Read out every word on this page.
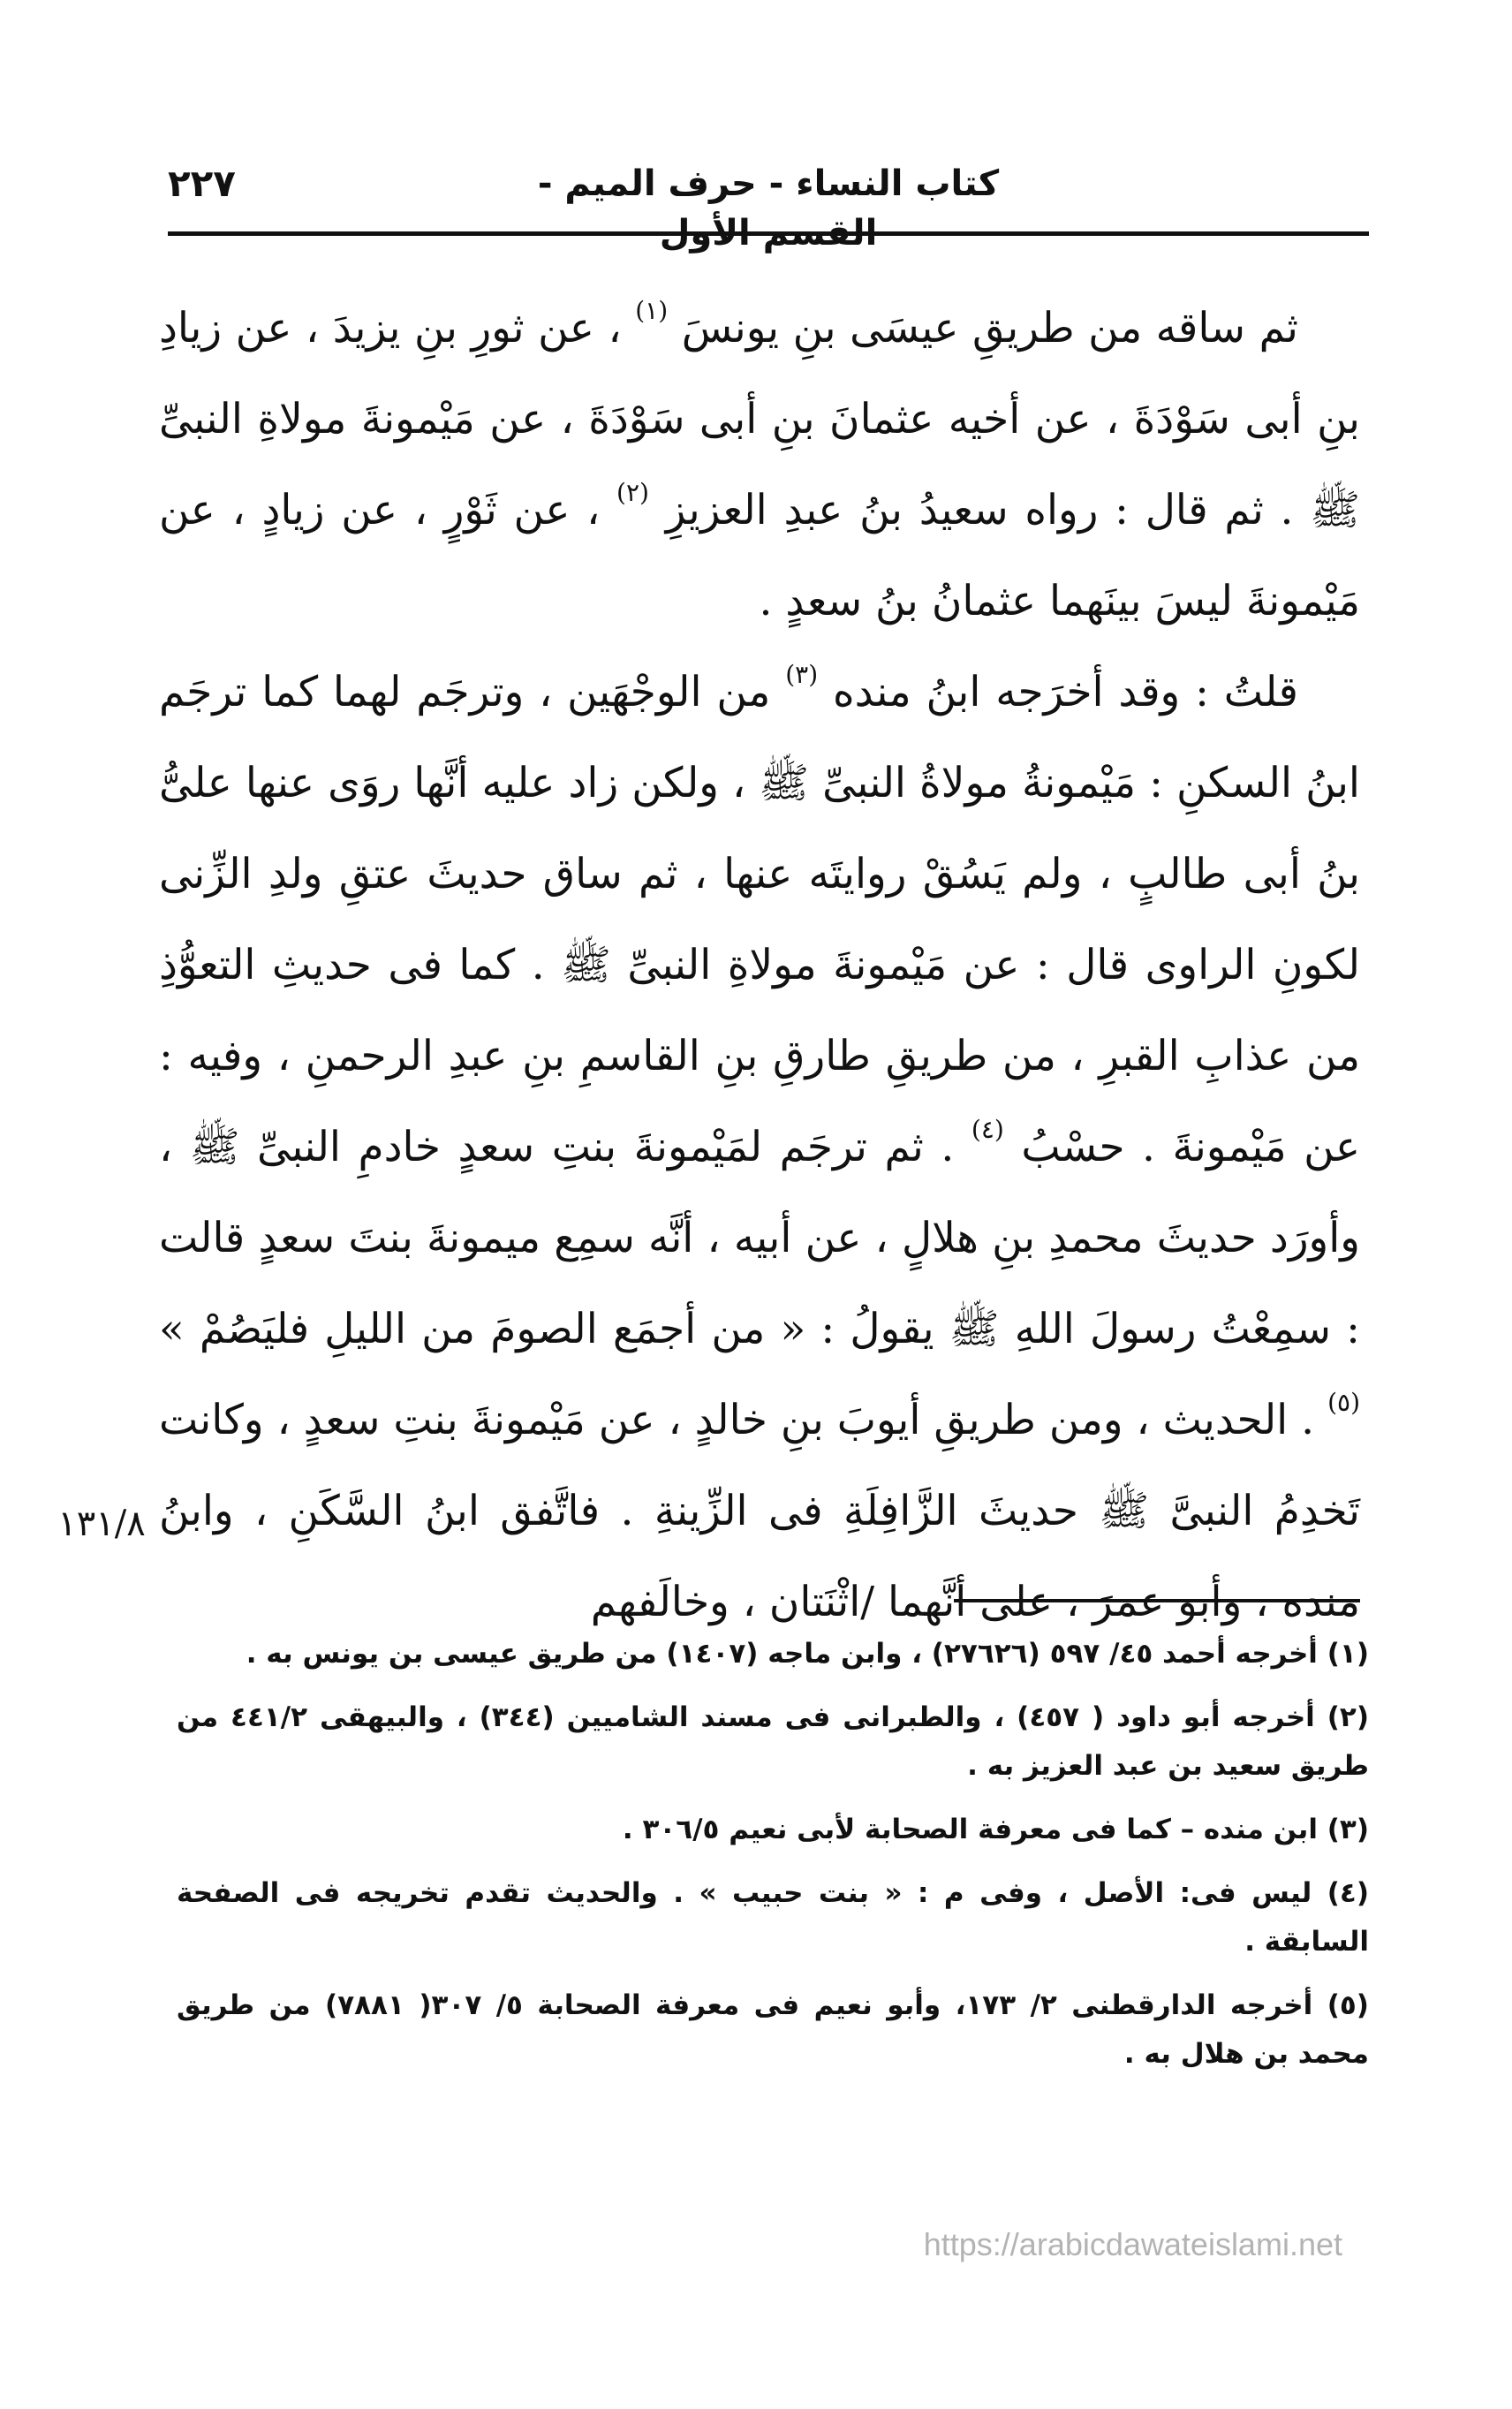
كتاب النساء - حرف الميم - القسم الأول
٢٢٧

ثم ساقه من طريقِ عيسَى بنِ يونسَ $^{(١)}$ ، عن ثورِ بنِ يزيدَ ، عن زيادِ بنِ أبى سَوْدَةَ ، عن أخيه عثمانَ بنِ أبى سَوْدَةَ ، عن مَيْمونةَ مولاةِ النبىِّ ﷺ . ثم قال : رواه سعيدُ بنُ عبدِ العزيزِ $^{(٢)}$ ، عن ثَوْرٍ ، عن زيادٍ ، عن مَيْمونةَ ليسَ بينَهما عثمانُ بنُ سعدٍ .

قلتُ : وقد أخرَجه ابنُ منده $^{(٣)}$ من الوجْهَين ، وترجَم لهما كما ترجَم ابنُ السكنِ : مَيْمونةُ مولاةُ النبىِّ ﷺ ، ولكن زاد عليه أنَّها روَى عنها علىُّ بنُ أبى طالبٍ ، ولم يَسُقْ روايتَه عنها ، ثم ساق حديثَ عتقِ ولدِ الزِّنى لكونِ الراوى قال : عن مَيْمونةَ مولاةِ النبىِّ ﷺ . كما فى حديثِ التعوُّذِ من عذابِ القبرِ ، من طريقِ طارقِ بنِ القاسمِ بنِ عبدِ الرحمنِ ، وفيه : عن مَيْمونةَ . حسْبُ $^{(٤)}$ . ثم ترجَم لمَيْمونةَ بنتِ سعدٍ خادمِ النبىِّ ﷺ ، وأورَد حديثَ محمدِ بنِ هلالٍ ، عن أبيه ، أنَّه سمِع ميمونةَ بنتَ سعدٍ قالت : سمِعْتُ رسولَ اللهِ ﷺ يقولُ : « من أجمَع الصومَ من الليلِ فليَصُمْ » $^{(٥)}$ . الحديث ، ومن طريقِ أيوبَ بنِ خالدٍ ، عن مَيْمونةَ بنتِ سعدٍ ، وكانت تَخدِمُ النبىَّ ﷺ حديثَ الزَّافِلَةِ فى الزِّينةِ . فاتَّفق ابنُ السَّكَنِ ، وابنُ منده ، وأبو عمرَ ، على أنَّهما /اثْنَتان ، وخالَفهم

١٣١/٨

(١) أخرجه أحمد ٤٥/ ٥٩٧ (٢٧٦٢٦) ، وابن ماجه (١٤٠٧) من طريق عيسى بن يونس به .

(٢) أخرجه أبو داود ( ٤٥٧) ، والطبرانى فى مسند الشاميين (٣٤٤) ، والبيهقى ٤٤١/٢ من طريق سعيد بن عبد العزيز به .

(٣) ابن منده – كما فى معرفة الصحابة لأبى نعيم ٣٠٦/٥ .

(٤) ليس فى: الأصل ، وفى م : « بنت حبيب » . والحديث تقدم تخريجه فى الصفحة السابقة .

(٥) أخرجه الدارقطنى ٢/ ١٧٣، وأبو نعيم فى معرفة الصحابة ٥/ ٣٠٧( ٧٨٨١) من طريق محمد بن هلال به .

https://arabicdawateislami.net
